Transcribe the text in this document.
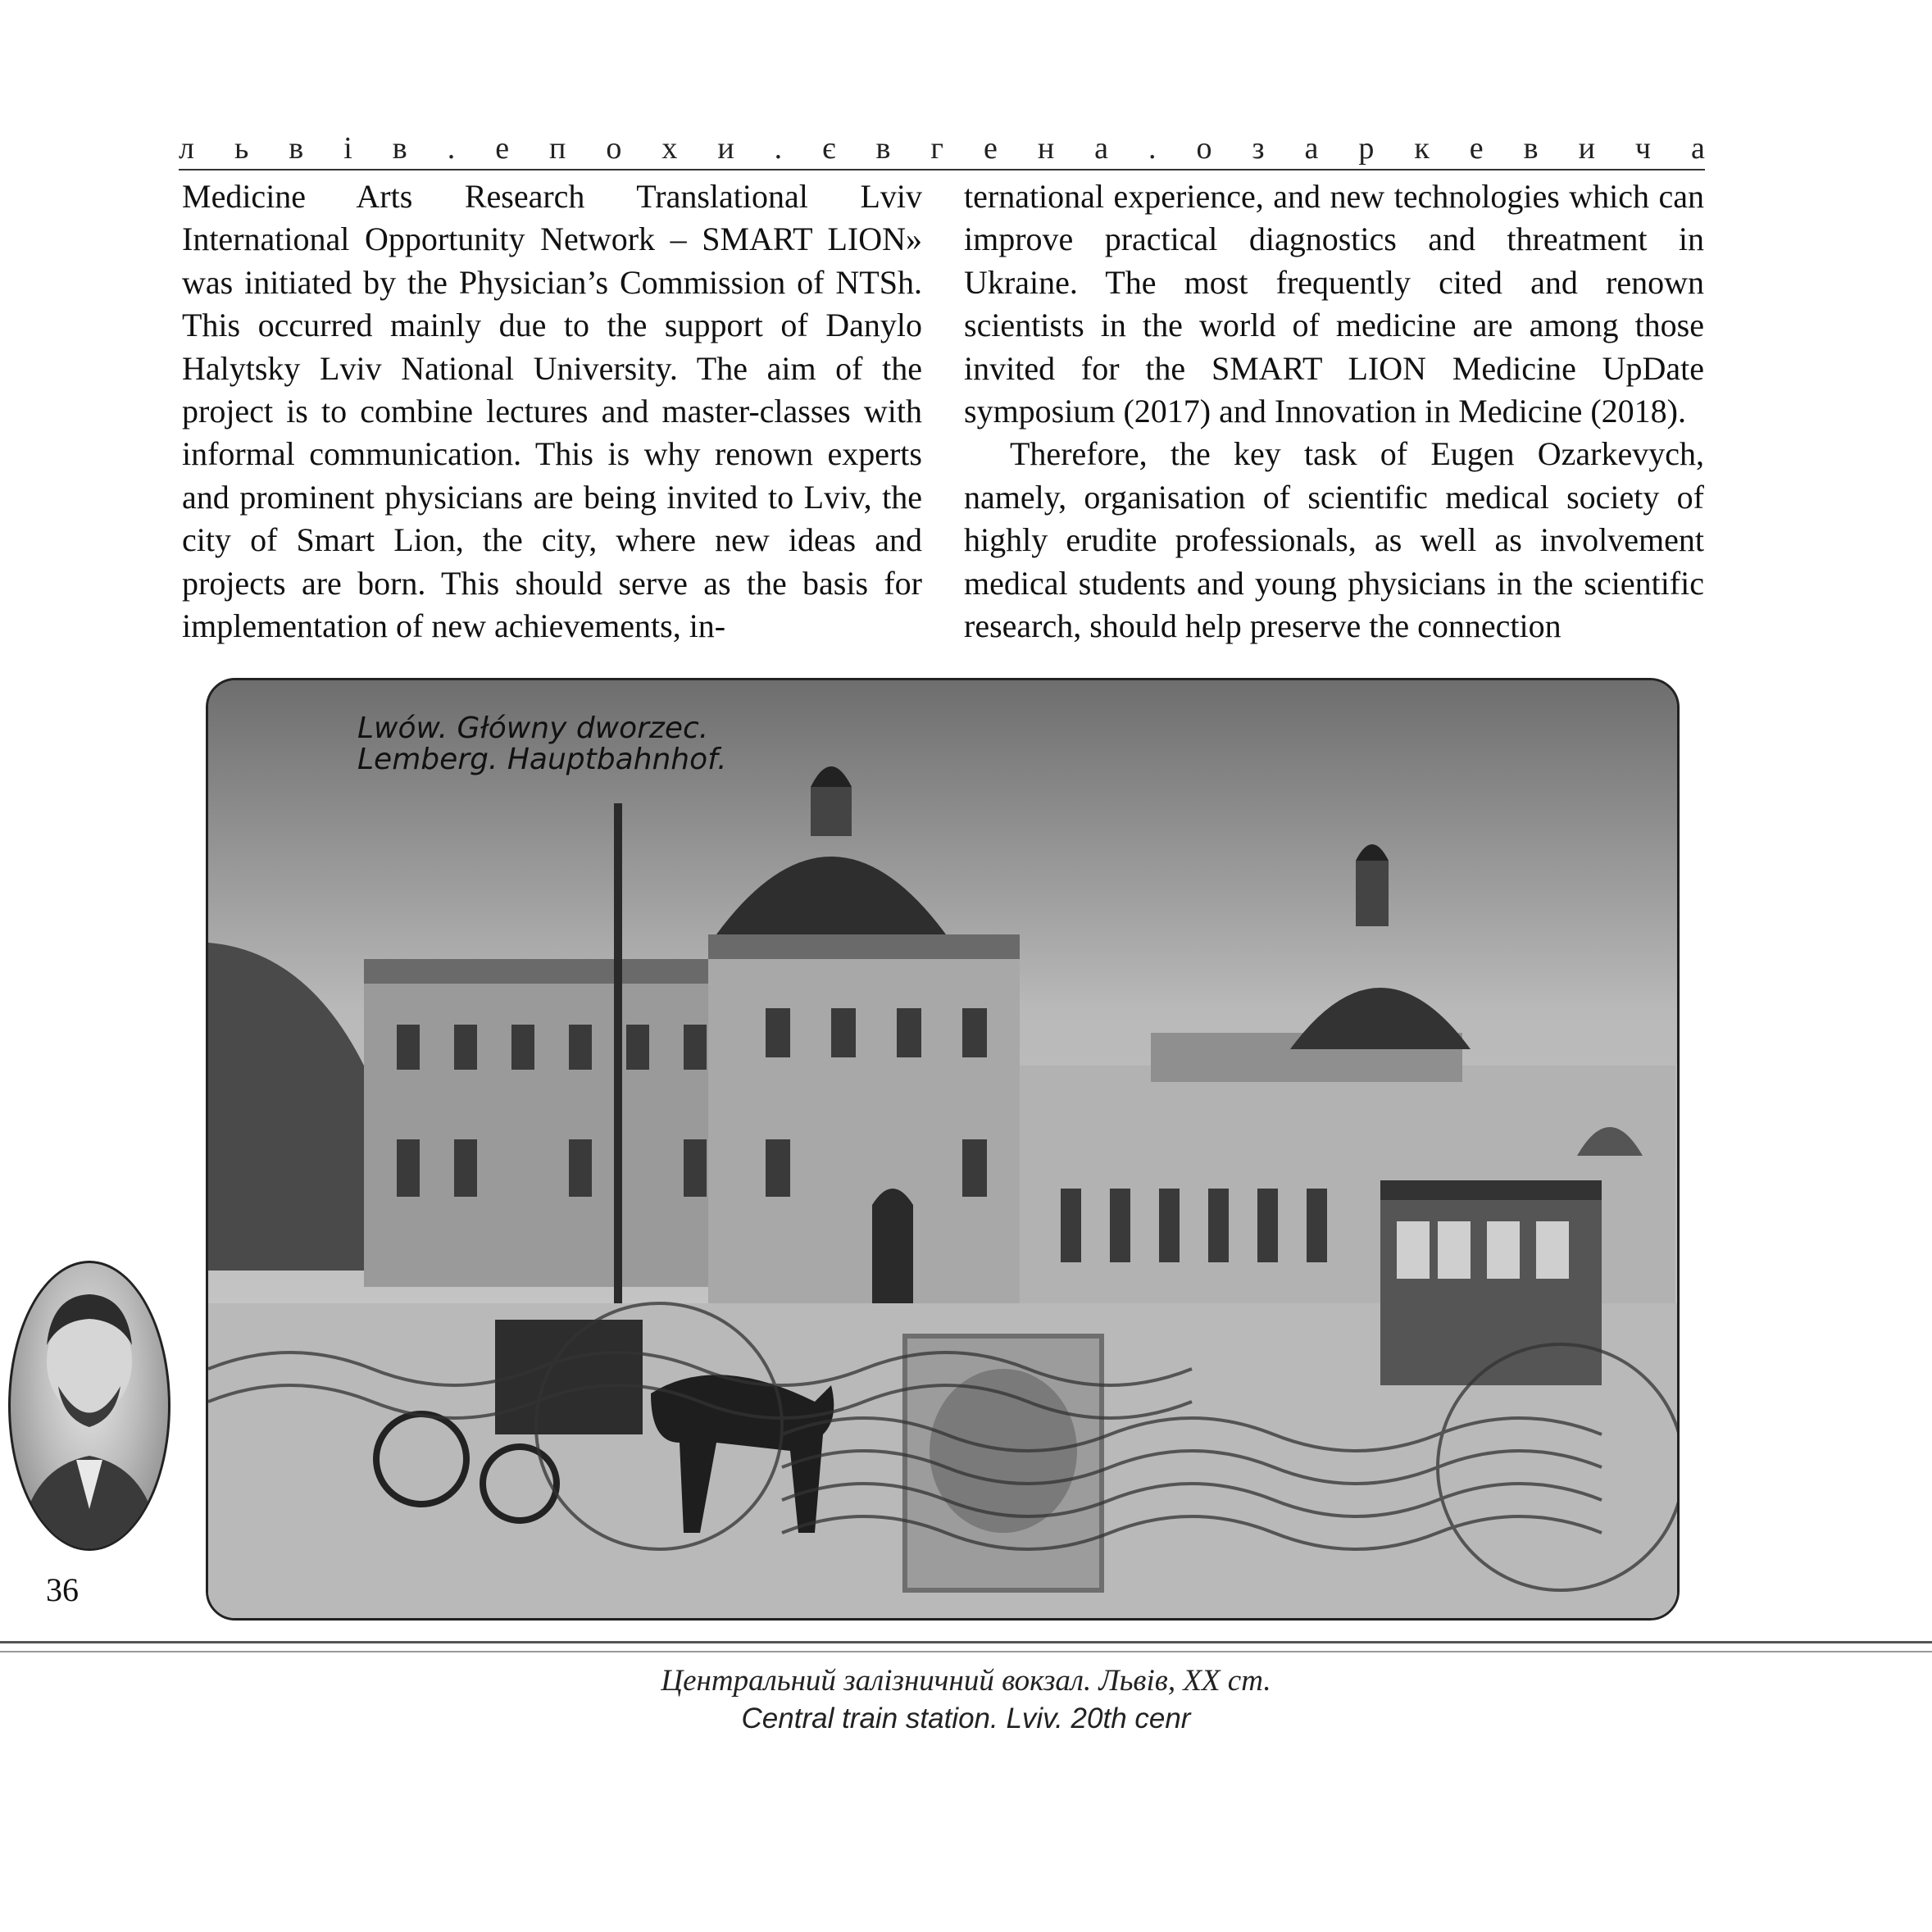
л ь в і в . е п о х и . є в г е н а . о з а р к е в и ч а

Medicine Arts Research Translational Lviv International Opportunity Network – SMART LION» was initiated by the Physician’s Commission of NTSh. This occurred mainly due to the support of Danylo Halytsky Lviv National University. The aim of the project is to combine lectures and master-classes with informal communication. This is why renown experts and prominent physicians are being invited to Lviv, the city of Smart Lion, the city, where new ideas and projects are born. This should serve as the basis for implementation of new achievements, in-

ternational experience, and new technologies which can improve practical diagnostics and threatment in Ukraine. The most frequently cited and renown scientists in the world of medicine are among those invited for the SMART LION Medicine UpDate symposium (2017) and Innovation in Medicine (2018).

Therefore, the key task of Eugen Ozarkevych, namely, organisation of scientific medical society of highly erudite professionals, as well as involvement medical students and young physicians in the scientific research, should help preserve the connection

Lwów. Główny dworzec.
Lemberg. Hauptbahnhof.
36
Центральний залізничний вокзал. Львів, XX ст.
Central train station. Lviv. 20th cenr
